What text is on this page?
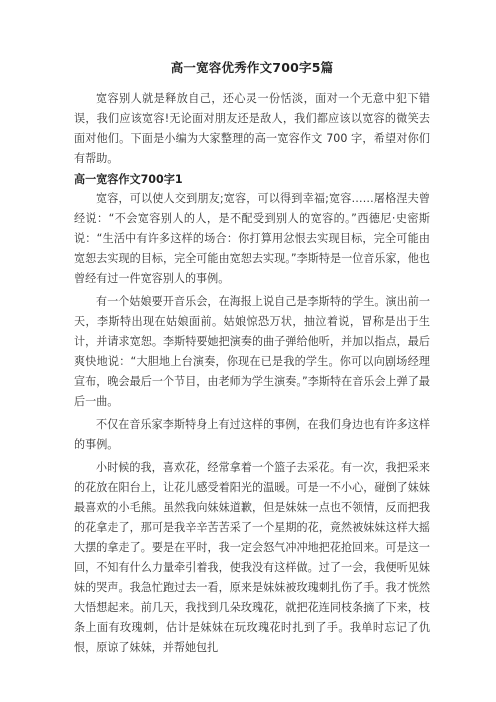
高一宽容优秀作文700字5篇

宽容别人就是释放自己，还心灵一份恬淡，面对一个无意中犯下错误，我们应该宽容!无论面对朋友还是敌人，我们都应该以宽容的微笑去面对他们。下面是小编为大家整理的高一宽容作文 700 字，希望对你们有帮助。

高一宽容作文700字1

宽容，可以使人交到朋友;宽容，可以得到幸福;宽容……屠格涅夫曾经说：“不会宽容别人的人，是不配受到别人的宽容的。”西德尼·史密斯说：“生活中有许多这样的场合：你打算用忿恨去实现目标，完全可能由宽恕去实现的目标，完全可能由宽恕去实现。”李斯特是一位音乐家，他也曾经有过一件宽容别人的事例。

有一个姑娘要开音乐会，在海报上说自己是李斯特的学生。演出前一天，李斯特出现在姑娘面前。姑娘惊恐万状，抽泣着说，冒称是出于生计，并请求宽恕。李斯特要她把演奏的曲子弹给他听，并加以指点，最后爽快地说：“大胆地上台演奏，你现在已是我的学生。你可以向剧场经理宣布，晚会最后一个节目，由老师为学生演奏。”李斯特在音乐会上弹了最后一曲。

不仅在音乐家李斯特身上有过这样的事例，在我们身边也有许多这样的事例。

小时候的我，喜欢花，经常拿着一个篮子去采花。有一次，我把采来的花放在阳台上，让花儿感受着阳光的温暖。可是一不小心，碰倒了妹妹最喜欢的小毛熊。虽然我向妹妹道歉，但是妹妹一点也不领情，反而把我的花拿走了，那可是我辛辛苦苦采了一个星期的花，竟然被妹妹这样大摇大摆的拿走了。要是在平时，我一定会怒气冲冲地把花抢回来。可是这一回，不知有什么力量牵引着我，使我没有这样做。过了一会，我便听见妹妹的哭声。我急忙跑过去一看，原来是妹妹被玫瑰刺扎伤了手。我才恍然大悟想起来。前几天，我找到几朵玫瑰花，就把花连同枝条摘了下来，枝条上面有玫瑰刺，估计是妹妹在玩玫瑰花时扎到了手。我单时忘记了仇恨，原谅了妹妹，并帮她包扎
